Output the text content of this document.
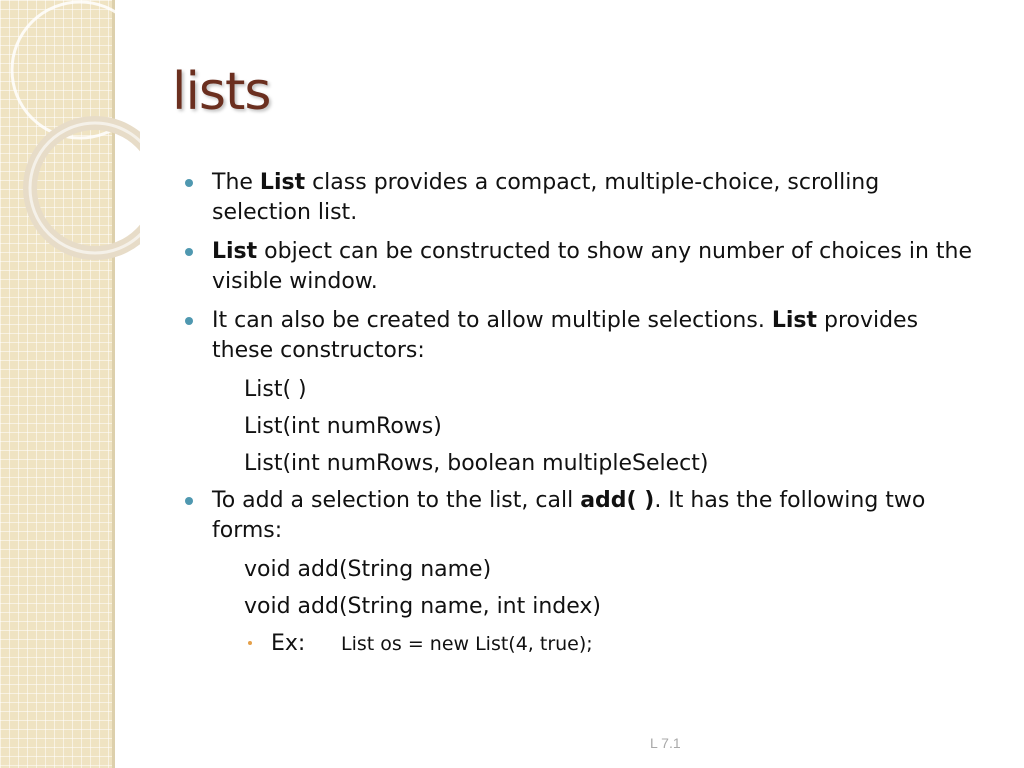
lists
The List class provides a compact, multiple-choice, scrolling selection list.
List object can be constructed to show any number of choices in the visible window.
It can also be created to allow multiple selections. List provides these constructors:
List( )
List(int numRows)
List(int numRows, boolean multipleSelect)
To add a selection to the list, call add( ). It has the following two forms:
void add(String name)
void add(String name, int index)
Ex: List os = new List(4, true);
L 7.1
